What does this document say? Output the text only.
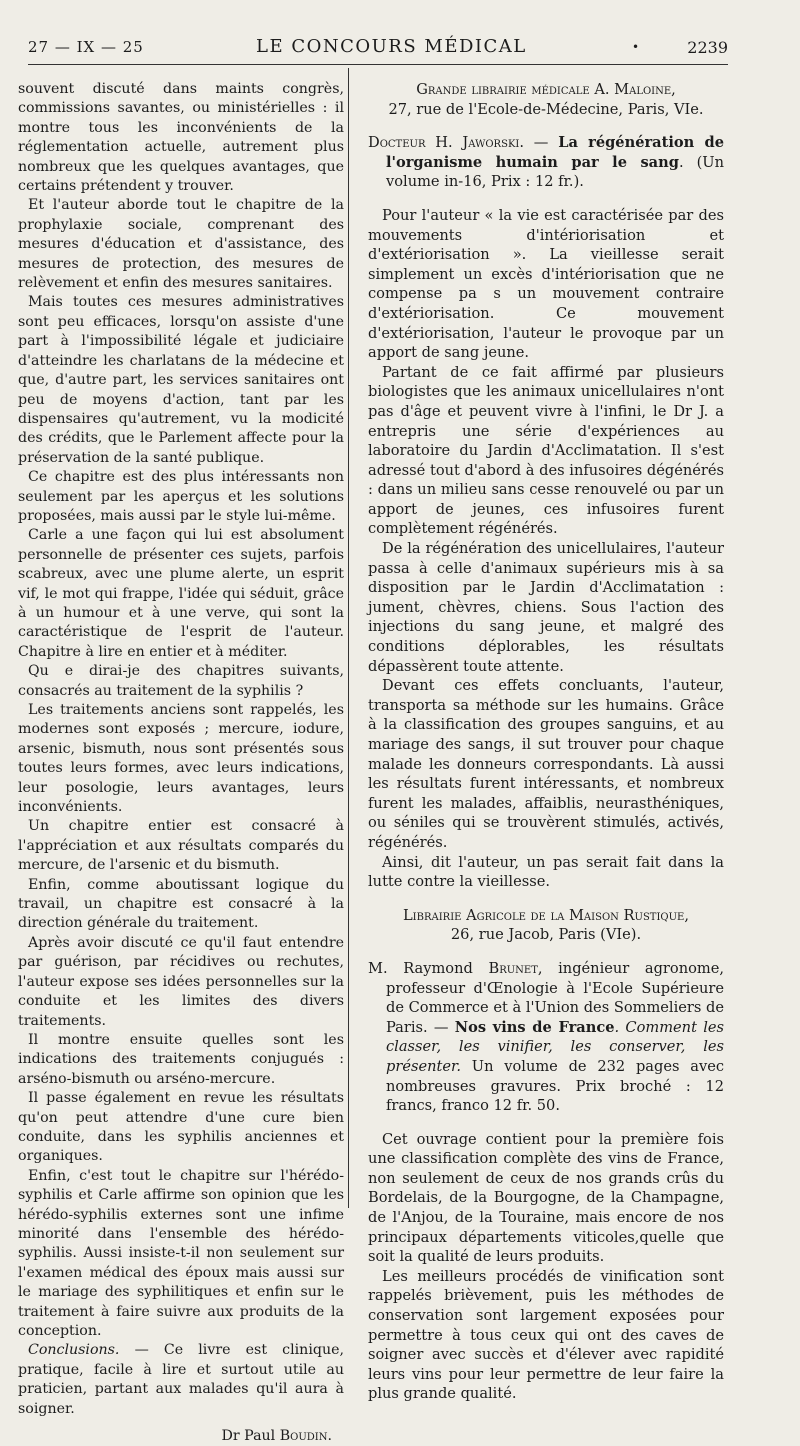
27 — IX — 25	LE CONCOURS MÉDICAL	•	2239

souvent discuté dans maints congrès, commissions savantes, ou ministérielles : il montre tous les inconvénients de la réglementation actuelle, autrement plus nombreux que les quelques avantages, que certains prétendent y trouver.

Et l'auteur aborde tout le chapitre de la prophylaxie sociale, comprenant des mesures d'éducation et d'assistance, des mesures de protection, des mesures de relèvement et enfin des mesures sanitaires.

Mais toutes ces mesures administratives sont peu efficaces, lorsqu'on assiste d'une part à l'impossibilité légale et judiciaire d'atteindre les charlatans de la médecine et que, d'autre part, les services sanitaires ont peu de moyens d'action, tant par les dispensaires qu'autrement, vu la modicité des crédits, que le Parlement affecte pour la préservation de la santé publique.

Ce chapitre est des plus intéressants non seulement par les aperçus et les solutions proposées, mais aussi par le style lui-même.

Carle a une façon qui lui est absolument personnelle de présenter ces sujets, parfois scabreux, avec une plume alerte, un esprit vif, le mot qui frappe, l'idée qui séduit, grâce à un humour et à une verve, qui sont la caractéristique de l'esprit de l'auteur. Chapitre à lire en entier et à méditer.

Qu e dirai-je des chapitres suivants, consacrés au traitement de la syphilis ?

Les traitements anciens sont rappelés, les modernes sont exposés ; mercure, iodure, arsenic, bismuth, nous sont présentés sous toutes leurs formes, avec leurs indications, leur posologie, leurs avantages, leurs inconvénients.

Un chapitre entier est consacré à l'appréciation et aux résultats comparés du mercure, de l'arsenic et du bismuth.

Enfin, comme aboutissant logique du travail, un chapitre est consacré à la direction générale du traitement.

Après avoir discuté ce qu'il faut entendre par guérison, par récidives ou rechutes, l'auteur expose ses idées personnelles sur la conduite et les limites des divers traitements.

Il montre ensuite quelles sont les indications des traitements conjugués : arséno-bismuth ou arséno-mercure.

Il passe également en revue les résultats qu'on peut attendre d'une cure bien conduite, dans les syphilis anciennes et organiques.

Enfin, c'est tout le chapitre sur l'hérédo-syphilis et Carle affirme son opinion que les hérédo-syphilis externes sont une infime minorité dans l'ensemble des hérédo-syphilis. Aussi insiste-t-il non seulement sur l'examen médical des époux mais aussi sur le mariage des syphilitiques et enfin sur le traitement à faire suivre aux produits de la conception.

Conclusions. — Ce livre est clinique, pratique, facile à lire et surtout utile au praticien, partant aux malades qu'il aura à soigner.

Dr Paul Boudin.

Grande librairie médicale A. Maloine,

27, rue de l'Ecole-de-Médecine, Paris, VIe.

Docteur H. Jaworski. — La régénération de l'organisme humain par le sang. (Un volume in-16, Prix : 12 fr.).

Pour l'auteur « la vie est caractérisée par des mouvements d'intériorisation et d'extériorisation ». La vieillesse serait simplement un excès d'intériorisation que ne compense pa s un mouvement contraire d'extériorisation. Ce mouvement d'extériorisation, l'auteur le provoque par un apport de sang jeune.

Partant de ce fait affirmé par plusieurs biologistes que les animaux unicellulaires n'ont pas d'âge et peuvent vivre à l'infini, le Dr J. a entrepris une série d'expériences au laboratoire du Jardin d'Acclimatation. Il s'est adressé tout d'abord à des infusoires dégénérés : dans un milieu sans cesse renouvelé ou par un apport de jeunes, ces infusoires furent complètement régénérés.

De la régénération des unicellulaires, l'auteur passa à celle d'animaux supérieurs mis à sa disposition par le Jardin d'Acclimatation : jument, chèvres, chiens. Sous l'action des injections du sang jeune, et malgré des conditions déplorables, les résultats dépassèrent toute attente.

Devant ces effets concluants, l'auteur, transporta sa méthode sur les humains. Grâce à la classification des groupes sanguins, et au mariage des sangs, il sut trouver pour chaque malade les donneurs correspondants. Là aussi les résultats furent intéressants, et nombreux furent les malades, affaiblis, neurasthéniques, ou séniles qui se trouvèrent stimulés, activés, régénérés.

Ainsi, dit l'auteur, un pas serait fait dans la lutte contre la vieillesse.

Librairie Agricole de la Maison Rustique,

26, rue Jacob, Paris (VIe).

M. Raymond Brunet, ingénieur agronome, professeur d'Œnologie à l'Ecole Supérieure de Commerce et à l'Union des Sommeliers de Paris. — Nos vins de France. Comment les classer, les vinifier, les conserver, les présenter. Un volume de 232 pages avec nombreuses gravures. Prix broché : 12 francs, franco 12 fr. 50.

Cet ouvrage contient pour la première fois une classification complète des vins de France, non seulement de ceux de nos grands crûs du Bordelais, de la Bourgogne, de la Champagne, de l'Anjou, de la Touraine, mais encore de nos principaux départements viticoles,quelle que soit la qualité de leurs produits.

Les meilleurs procédés de vinification sont rappelés brièvement, puis les méthodes de conservation sont largement exposées pour permettre à tous ceux qui ont des caves de soigner avec succès et d'élever avec rapidité leurs vins pour leur permettre de leur faire la plus grande qualité.
